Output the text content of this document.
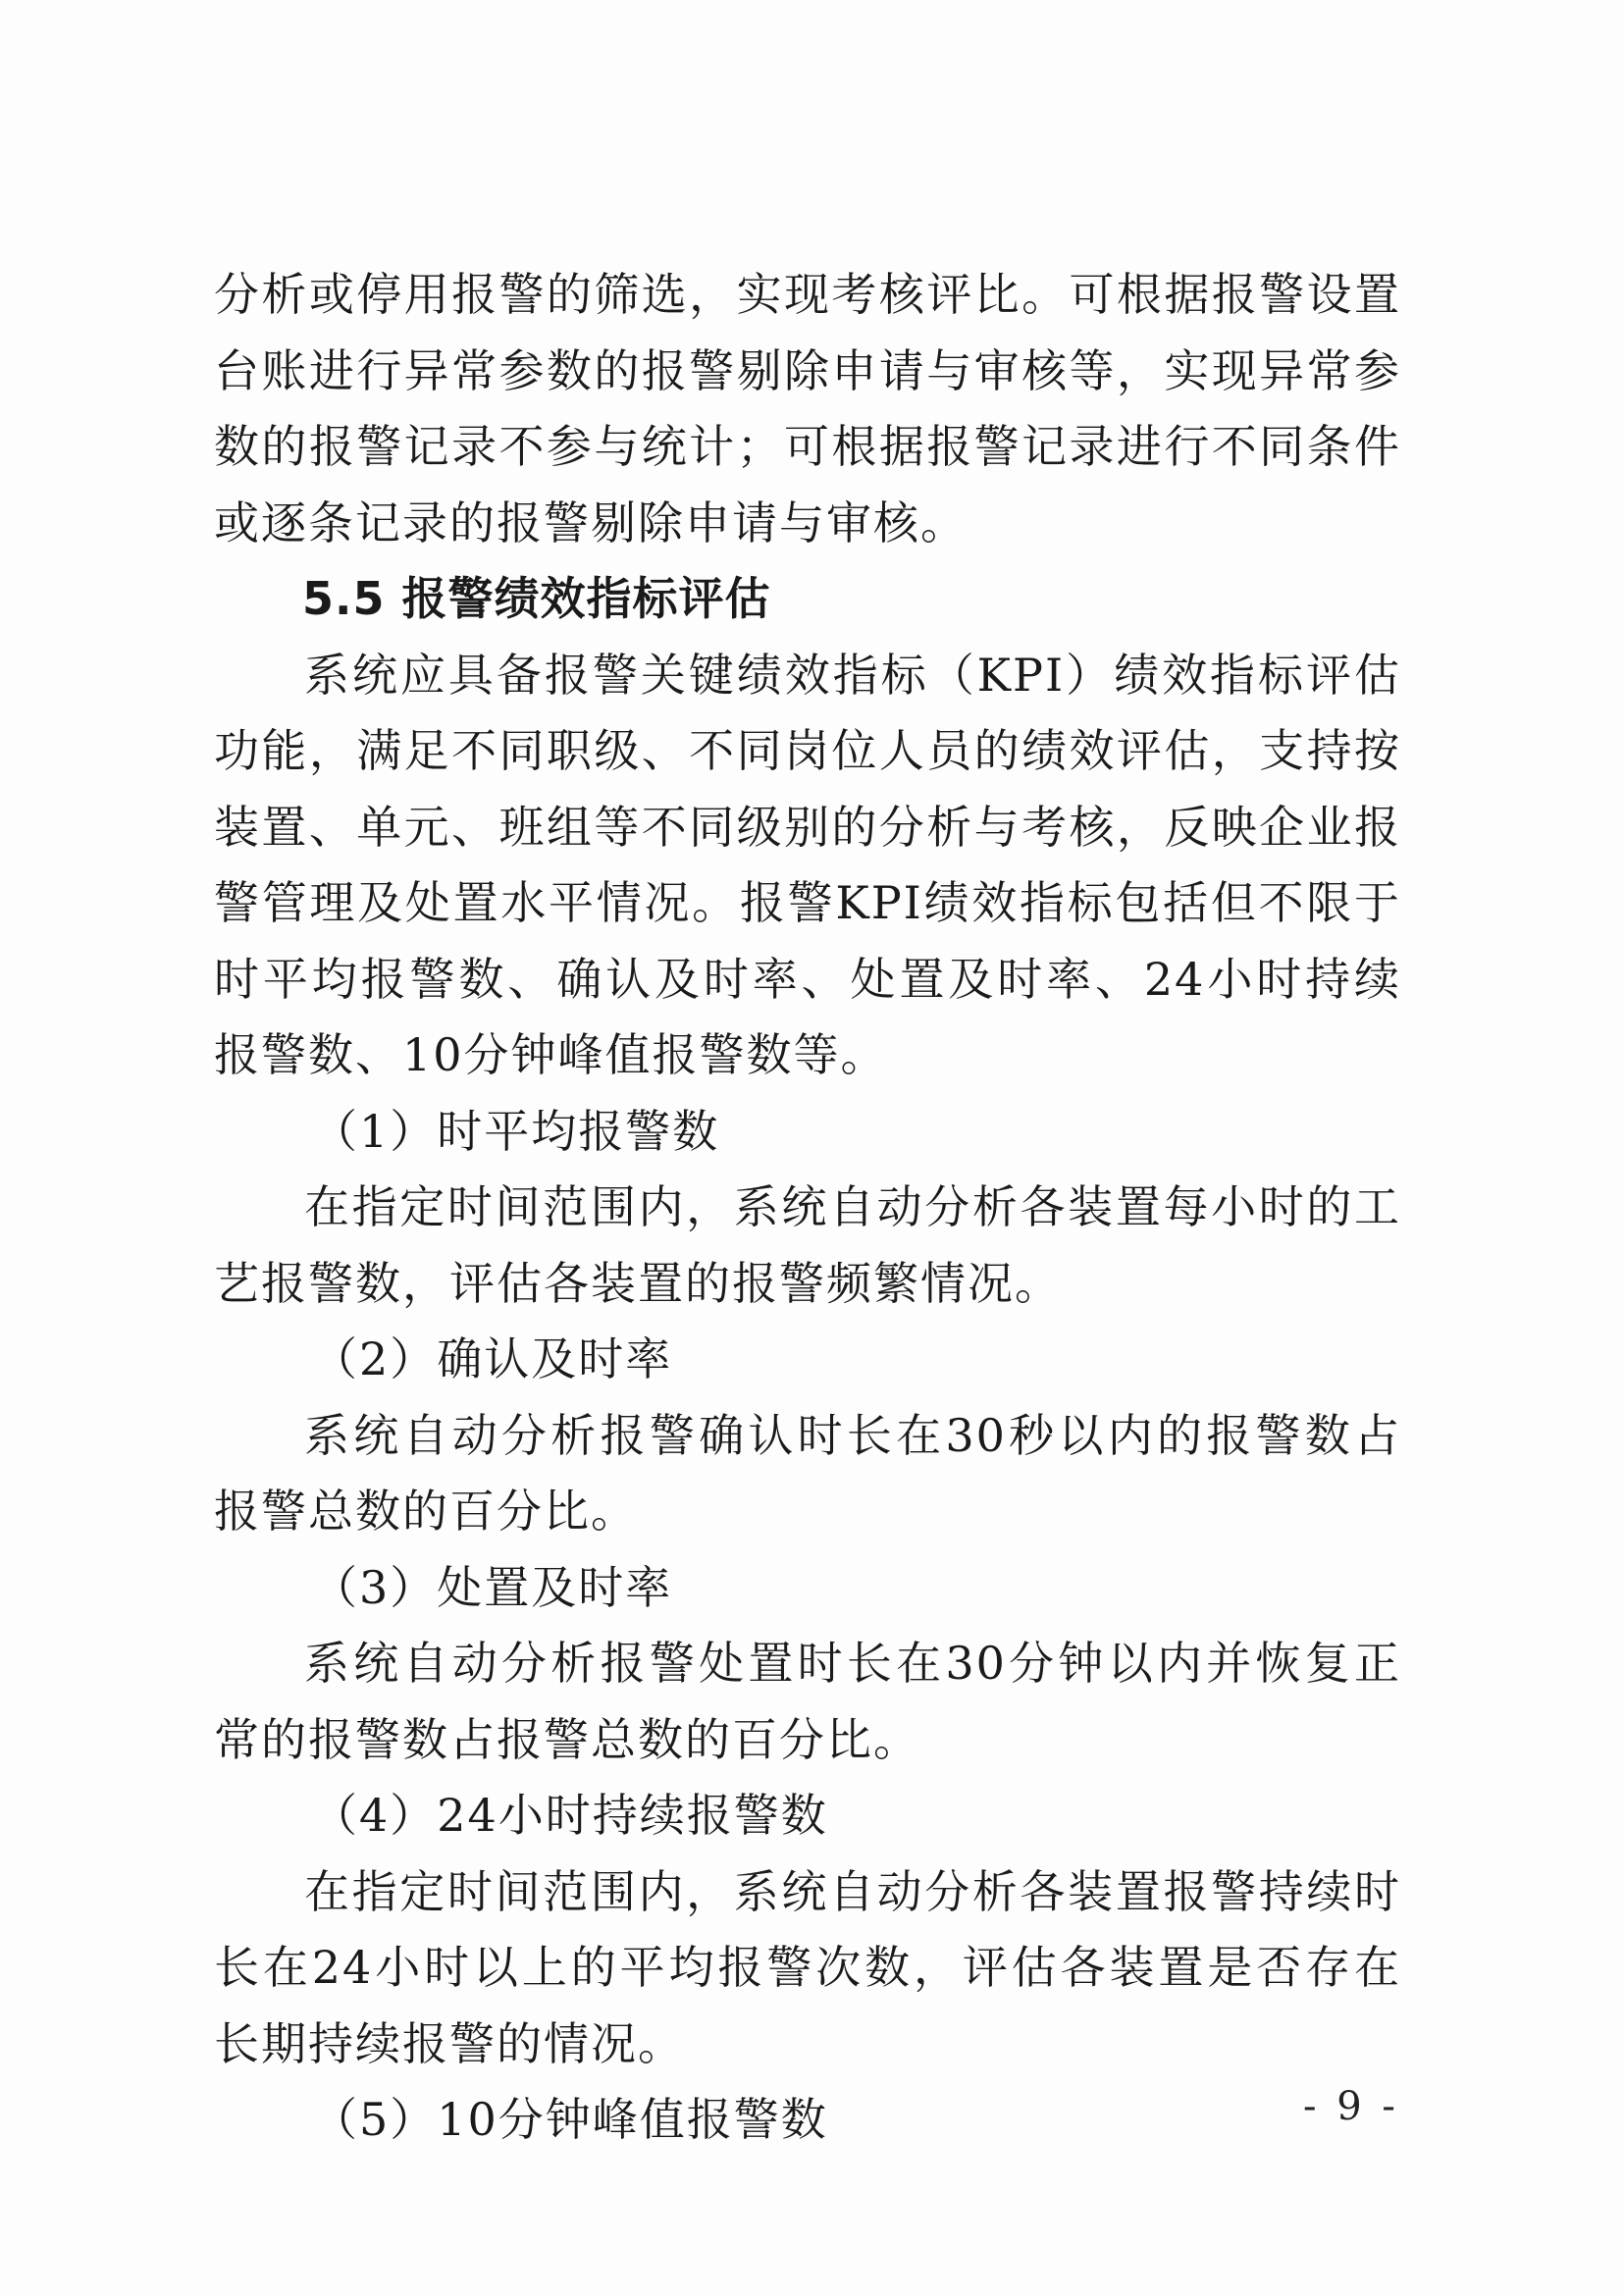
分析或停用报警的筛选，实现考核评比。可根据报警设置台账进行异常参数的报警剔除申请与审核等，实现异常参数的报警记录不参与统计；可根据报警记录进行不同条件或逐条记录的报警剔除申请与审核。

5.5 报警绩效指标评估

系统应具备报警关键绩效指标（KPI）绩效指标评估功能，满足不同职级、不同岗位人员的绩效评估，支持按装置、单元、班组等不同级别的分析与考核，反映企业报警管理及处置水平情况。报警KPI绩效指标包括但不限于时平均报警数、确认及时率、处置及时率、24小时持续报警数、10分钟峰值报警数等。

（1）时平均报警数

在指定时间范围内，系统自动分析各装置每小时的工艺报警数，评估各装置的报警频繁情况。

（2）确认及时率

系统自动分析报警确认时长在30秒以内的报警数占报警总数的百分比。

（3）处置及时率

系统自动分析报警处置时长在30分钟以内并恢复正常的报警数占报警总数的百分比。

（4）24小时持续报警数

在指定时间范围内，系统自动分析各装置报警持续时长在24小时以上的平均报警次数，评估各装置是否存在长期持续报警的情况。

（5）10分钟峰值报警数	- 9 -
